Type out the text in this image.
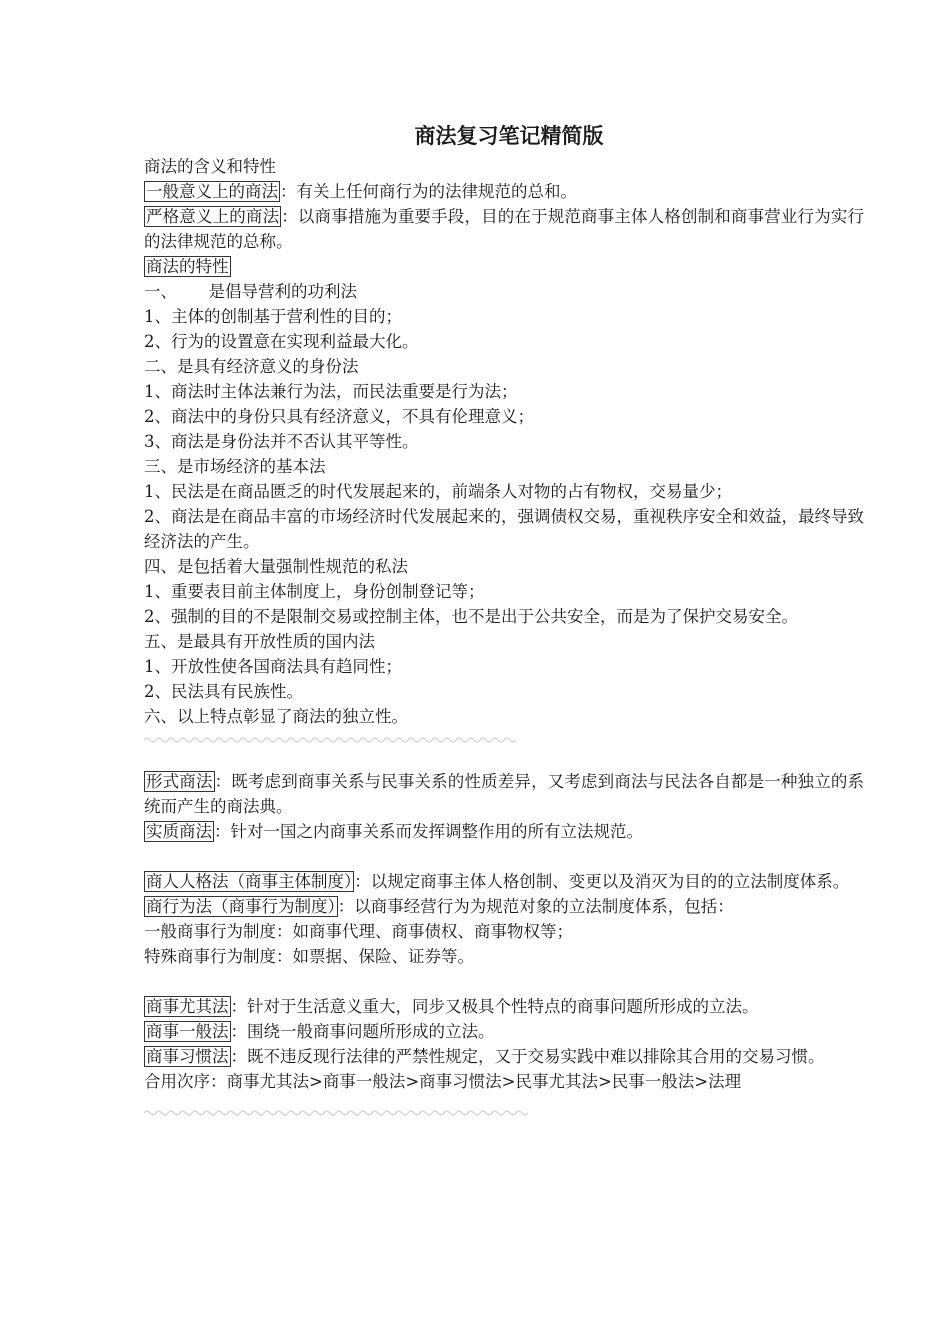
商法复习笔记精简版

商法的含义和特性

一般意义上的商法 ：有关上任何商行为的法律规范的总和。

严格意义上的商法 ：以商事措施为重要手段，目的在于规范商事主体人格创制和商事营业行为实行的法律规范的总称。

商法的特性

一、      是倡导营利的功利法

1、主体的创制基于营利性的目的；

2、行为的设置意在实现利益最大化。

二、是具有经济意义的身份法

1、商法时主体法兼行为法，而民法重要是行为法；

2、商法中的身份只具有经济意义，不具有伦理意义；

3、商法是身份法并不否认其平等性。

三、是市场经济的基本法

1、民法是在商品匮乏的时代发展起来的，前端条人对物的占有物权，交易量少；

2、商法是在商品丰富的市场经济时代发展起来的，强调债权交易，重视秩序安全和效益，最终导致经济法的产生。

四、是包括着大量强制性规范的私法

1、重要表目前主体制度上，身份创制登记等；

2、强制的目的不是限制交易或控制主体，也不是出于公共安全，而是为了保护交易安全。

五、是最具有开放性质的国内法

1、开放性使各国商法具有趋同性；

2、民法具有民族性。

六、以上特点彰显了商法的独立性。

形式商法 ：既考虑到商事关系与民事关系的性质差异，又考虑到商法与民法各自都是一种独立的系统而产生的商法典。

实质商法 ：针对一国之内商事关系而发挥调整作用的所有立法规范。

商人人格法（商事主体制度） ：以规定商事主体人格创制、变更以及消灭为目的的立法制度体系。

商行为法（商事行为制度） ：以商事经营行为为规范对象的立法制度体系，包括：

一般商事行为制度：如商事代理、商事债权、商事物权等；

特殊商事行为制度：如票据、保险、证券等。

商事尤其法 ：针对于生活意义重大，同步又极具个性特点的商事问题所形成的立法。

商事一般法 ：围绕一般商事问题所形成的立法。

商事习惯法 ：既不违反现行法律的严禁性规定，又于交易实践中难以排除其合用的交易习惯。

合用次序：商事尤其法>商事一般法>商事习惯法>民事尤其法>民事一般法>法理
